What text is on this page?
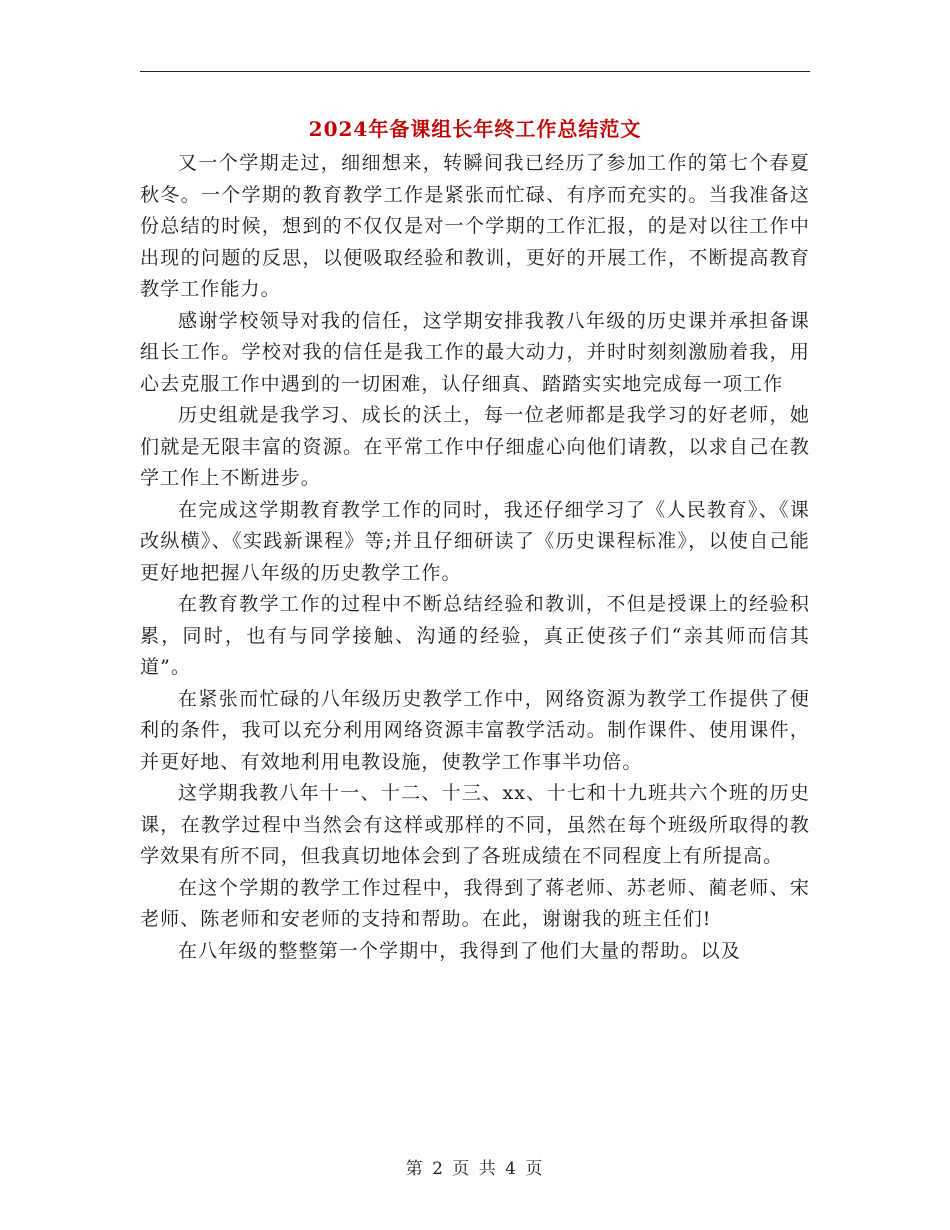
2024年备课组长年终工作总结范文

又一个学期走过，细细想来，转瞬间我已经历了参加工作的第七个春夏秋冬。一个学期的教育教学工作是紧张而忙碌、有序而充实的。当我准备这份总结的时候，想到的不仅仅是对一个学期的工作汇报，的是对以往工作中出现的问题的反思，以便吸取经验和教训，更好的开展工作，不断提高教育教学工作能力。

感谢学校领导对我的信任，这学期安排我教八年级的历史课并承担备课组长工作。学校对我的信任是我工作的最大动力，并时时刻刻激励着我，用心去克服工作中遇到的一切困难，认仔细真、踏踏实实地完成每一项工作

历史组就是我学习、成长的沃土，每一位老师都是我学习的好老师，她们就是无限丰富的资源。在平常工作中仔细虚心向他们请教，以求自己在教学工作上不断进步。

在完成这学期教育教学工作的同时，我还仔细学习了《人民教育》、《课改纵横》、《实践新课程》等;并且仔细研读了《历史课程标准》，以使自己能更好地把握八年级的历史教学工作。

在教育教学工作的过程中不断总结经验和教训，不但是授课上的经验积累，同时，也有与同学接触、沟通的经验，真正使孩子们“亲其师而信其道”。

在紧张而忙碌的八年级历史教学工作中，网络资源为教学工作提供了便利的条件，我可以充分利用网络资源丰富教学活动。制作课件、使用课件，并更好地、有效地利用电教设施，使教学工作事半功倍。

这学期我教八年十一、十二、十三、xx、十七和十九班共六个班的历史课，在教学过程中当然会有这样或那样的不同，虽然在每个班级所取得的教学效果有所不同，但我真切地体会到了各班成绩在不同程度上有所提高。

在这个学期的教学工作过程中，我得到了蒋老师、苏老师、蔺老师、宋老师、陈老师和安老师的支持和帮助。在此，谢谢我的班主任们!

在八年级的整整第一个学期中，我得到了他们大量的帮助。以及

第 2 页 共 4 页
